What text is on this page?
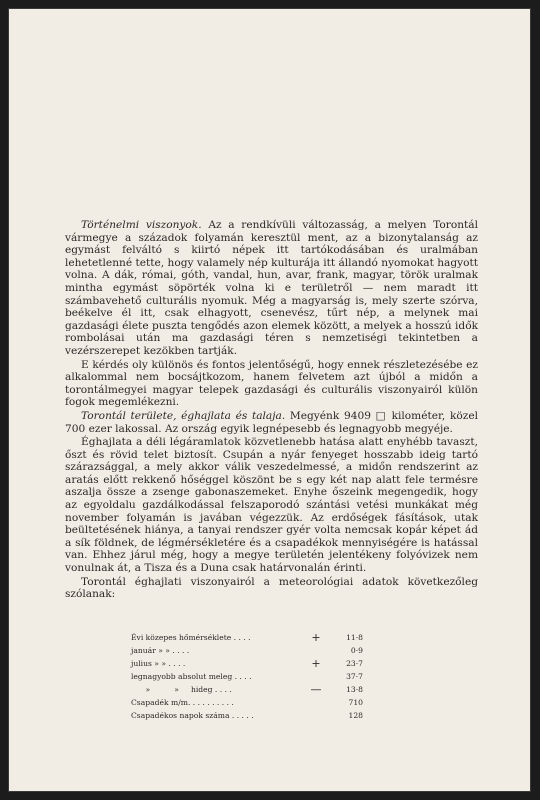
Történelmi viszonyok. Az a rendkívüli változasság, a melyen Torontál vármegye a századok folyamán keresztül ment, az a bizonytalanság az egymást felváltó s kiirtó népek itt tartókodásában és uralmában lehetetlenné tette, hogy valamely nép kulturája itt állandó nyomokat hagyott volna. A dák, római, góth, vandal, hun, avar, frank, magyar, török uralmak mintha egymást söpörték volna ki e területről — nem maradt itt számbavehető culturális nyomuk. Még a magyarság is, mely szerte szórva, beékelve él itt, csak elhagyott, csenevész, tűrt nép, a melynek mai gazdasági élete puszta tengődés azon elemek között, a melyek a hosszú idők rombolásai után ma gazdasági téren s nemzetiségi tekintetben a vezérszerepet kezökben tartják.

E kérdés oly különös és fontos jelentőségű, hogy ennek részletezésébe ez alkalommal nem bocsájtkozom, hanem felvetem azt újból a midőn a torontálmegyei magyar telepek gazdasági és culturális viszonyairól külön fogok megemlékezni.

Torontál területe, éghajlata és talaja. Megyénk 9409 □ kilométer, közel 700 ezer lakossal. Az ország egyik legnépesebb és legnagyobb megyéje.

Éghajlata a déli légáramlatok közvetlenebb hatása alatt enyhébb tavaszt, őszt és rövid telet biztosít. Csupán a nyár fenyeget hosszabb ideig tartó szárazsággal, a mely akkor válik veszedelmessé, a midőn rendszerint az aratás előtt rekkenő hőséggel köszönt be s egy két nap alatt fele termésre aszalja össze a zsenge gabonaszemeket. Enyhe őszeink megengedik, hogy az egyoldalu gazdálkodással felszaporodó szántási vetési munkákat még november folyamán is javában végezzük. Az erdőségek fásítások, utak beültetésének hiánya, a tanyai rendszer gyér volta nemcsak kopár képet ád a sík földnek, de légmérsékletére és a csapadékok mennyiségére is hatással van. Ehhez járul még, hogy a megye területén jelentékeny folyóvizek nem vonulnak át, a Tisza és a Duna csak határvonalán érinti.

Torontál éghajlati viszonyairól a meteorológiai adatok következőleg szólanak:

Évi közepes hőmérséklete . . . .	+	11·8
január » » . . . .	0·9
julius » » . . . .	+	23·7
legnagyobb absolut meleg . . . .	37·7
»          »     hideg . . . .	—	13·8
Csapadék m/m. . . . . . . . . .	710
Csapadékos napok száma . . . . .	128
